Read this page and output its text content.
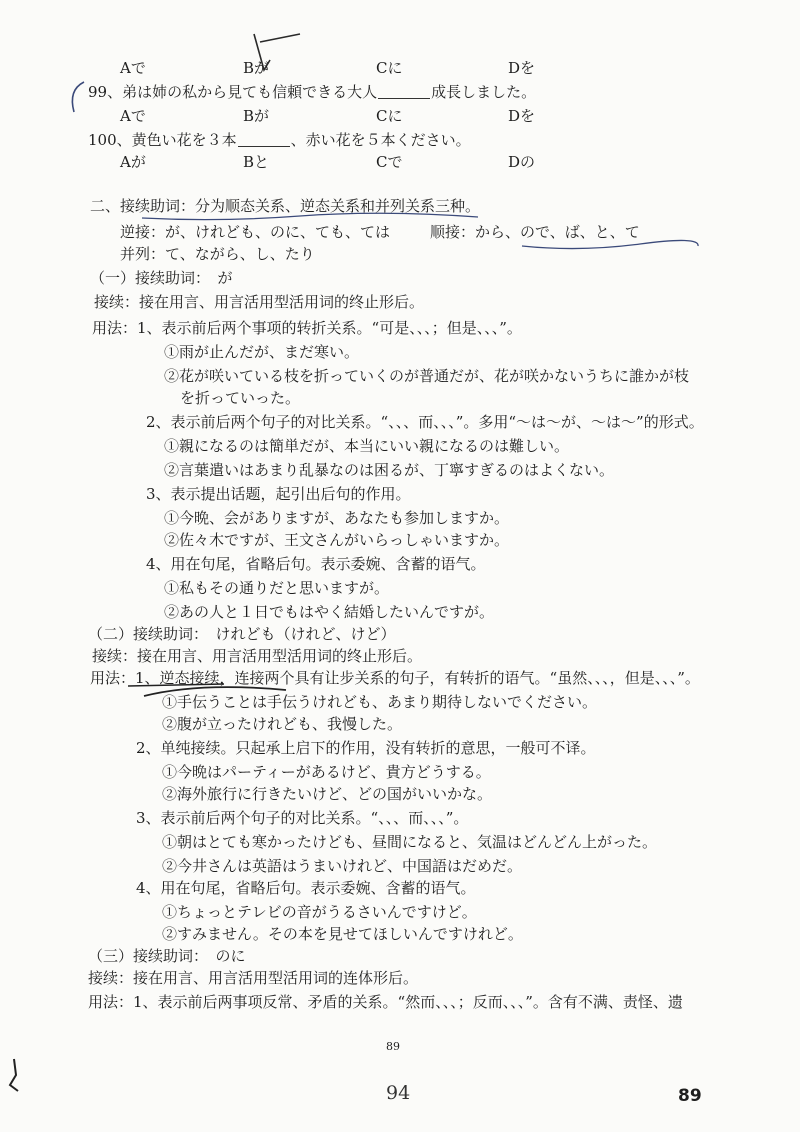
Aで	Bが	Cに	Dを
99、弟は姉の私から見ても信頼できる大人	成長しました。
Aで	Bが	Cに	Dを
100、黄色い花を３本	、赤い花を５本ください。
Aが	Bと	Cで	Dの
二、接续助词：分为顺态关系、逆态关系和并列关系三种。
逆接：が、けれども、のに、ても、ては	顺接：から、ので、ば、と、て
并列：て、ながら、し、たり
（一）接续助词：　が
接续：接在用言、用言活用型活用词的终止形后。
用法：1、表示前后两个事项的转折关系。“可是、、、；但是、、、”。
①雨が止んだが、まだ寒い。
②花が咲いている枝を折っていくのが普通だが、花が咲かないうちに誰かが枝
を折っていった。
2、表示前后两个句子的对比关系。“、、、而、、、”。多用“～は～が、～は～”的形式。
①親になるのは簡単だが、本当にいい親になるのは難しい。
②言葉遣いはあまり乱暴なのは困るが、丁寧すぎるのはよくない。
3、表示提出话题，起引出后句的作用。
①今晩、会がありますが、あなたも参加しますか。
②佐々木ですが、王文さんがいらっしゃいますか。
4、用在句尾，省略后句。表示委婉、含蓄的语气。
①私もその通りだと思いますが。
②あの人と１日でもはやく結婚したいんですが。
（二）接续助词：　けれども（けれど、けど）
接续：接在用言、用言活用型活用词的终止形后。
用法：1、逆态接续，连接两个具有让步关系的句子，有转折的语气。“虽然、、、，但是、、、”。
①手伝うことは手伝うけれども、あまり期待しないでください。
②腹が立ったけれども、我慢した。
2、单纯接续。只起承上启下的作用，没有转折的意思，一般可不译。
①今晩はパーティーがあるけど、貴方どうする。
②海外旅行に行きたいけど、どの国がいいかな。
3、表示前后两个句子的对比关系。“、、、而、、、”。
①朝はとても寒かったけども、昼間になると、気温はどんどん上がった。
②今井さんは英語はうまいけれど、中国語はだめだ。
4、用在句尾，省略后句。表示委婉、含蓄的语气。
①ちょっとテレビの音がうるさいんですけど。
②すみません。その本を見せてほしいんですけれど。
（三）接续助词：　のに
接续：接在用言、用言活用型活用词的连体形后。
用法：1、表示前后两事项反常、矛盾的关系。“然而、、、；反而、、、”。含有不满、责怪、遗
89
94	89
